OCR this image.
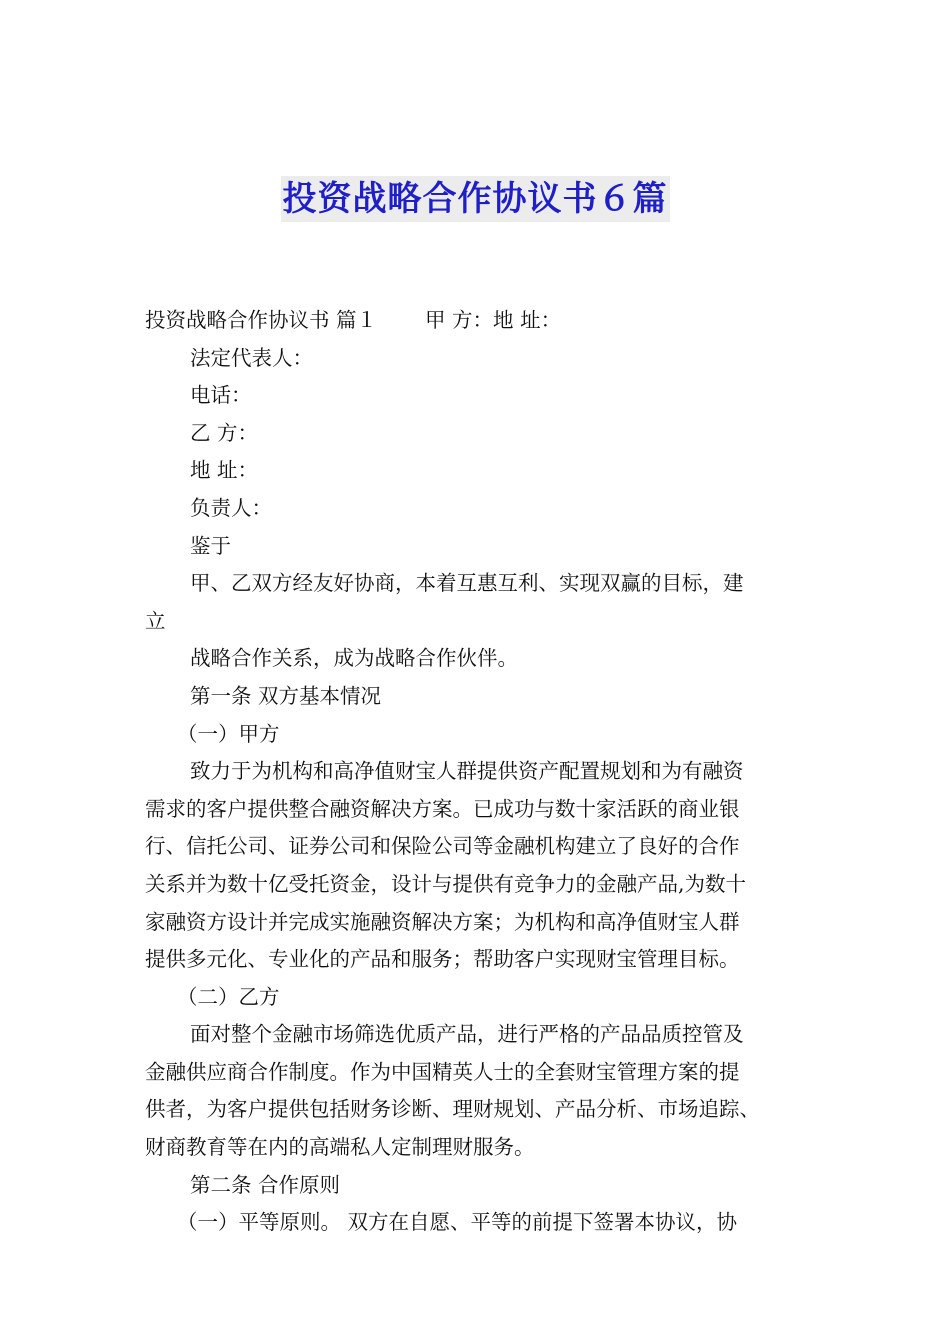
投资战略合作协议书６篇

投资战略合作协议书 篇１ 甲 方：地 址：

法定代表人：

电话：

乙 方：

地 址：

负责人：

鉴于

甲、乙双方经友好协商，本着互惠互利、实现双赢的目标，建

立

战略合作关系，成为战略合作伙伴。

第一条 双方基本情况

（一）甲方

致力于为机构和高净值财宝人群提供资产配置规划和为有融资

需求的客户提供整合融资解决方案。已成功与数十家活跃的商业银

行、信托公司、证券公司和保险公司等金融机构建立了良好的合作

关系并为数十亿受托资金，设计与提供有竞争力的金融产品,为数十

家融资方设计并完成实施融资解决方案；为机构和高净值财宝人群

提供多元化、专业化的产品和服务；帮助客户实现财宝管理目标。

（二）乙方

面对整个金融市场筛选优质产品，进行严格的产品品质控管及

金融供应商合作制度。作为中国精英人士的全套财宝管理方案的提

供者，为客户提供包括财务诊断、理财规划、产品分析、市场追踪、

财商教育等在内的高端私人定制理财服务。

第二条 合作原则

（一）平等原则。 双方在自愿、平等的前提下签署本协议，协
